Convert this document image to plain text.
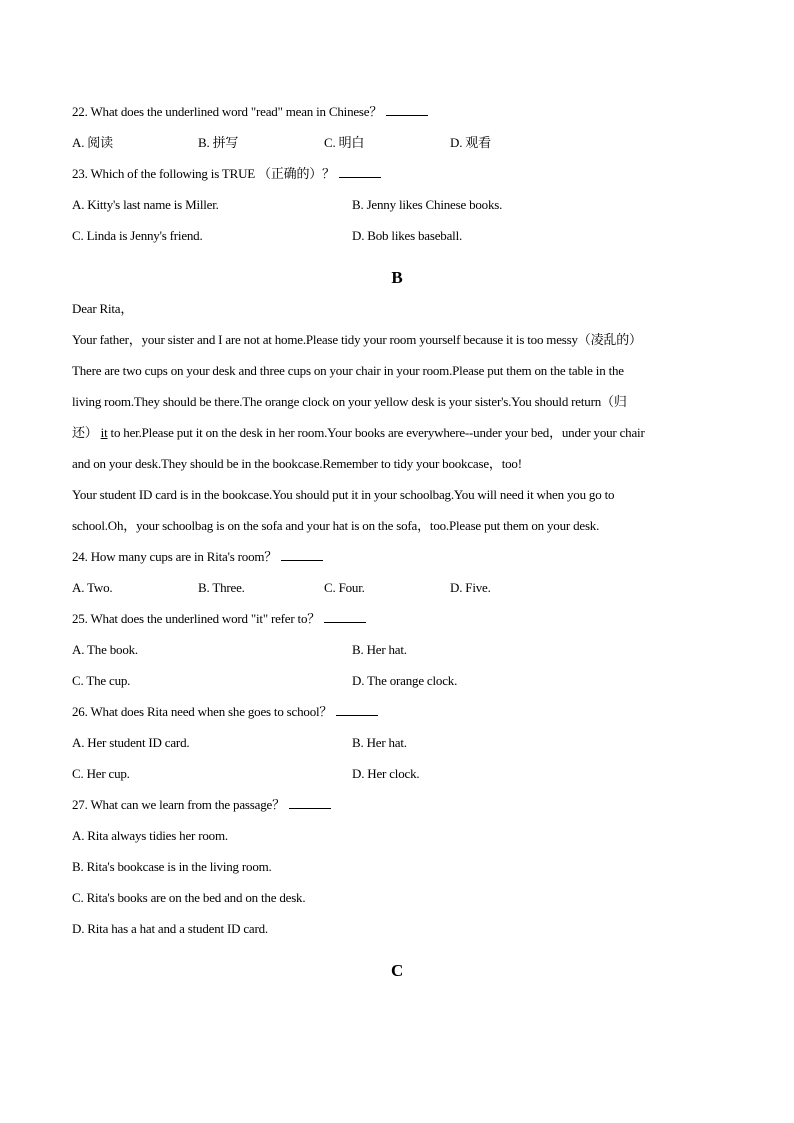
22. What does the underlined word "read" mean in Chinese？
A. 阅读	B. 拼写	C. 明白	D. 观看
23. Which of the following is TRUE （正确的）？
A. Kitty's last name is Miller.	B. Jenny likes Chinese books.
C. Linda is Jenny's friend.	D. Bob likes baseball.
B
Dear Rita，
Your father，your sister and I are not at home.Please tidy your room yourself because it is too messy（凌乱的）
There are two cups on your desk and three cups on your chair in your room.Please put them on the table in the
living room.They should be there.The orange clock on your yellow desk is your sister's.You should return（归
还） it to her.Please put it on the desk in her room.Your books are everywhere--under your bed，under your chair
and on your desk.They should be in the bookcase.Remember to tidy your bookcase，too!
Your student ID card is in the bookcase.You should put it in your schoolbag.You will need it when you go to
school.Oh，your schoolbag is on the sofa and your hat is on the sofa，too.Please put them on your desk.
24. How many cups are in Rita's room？
A. Two.	B. Three.	C. Four.	D. Five.
25. What does the underlined word "it" refer to？
A. The book.	B. Her hat.
C. The cup.	D. The orange clock.
26. What does Rita need when she goes to school？
A. Her student ID card.	B. Her hat.
C. Her cup.	D. Her clock.
27. What can we learn from the passage？
A. Rita always tidies her room.
B. Rita's bookcase is in the living room.
C. Rita's books are on the bed and on the desk.
D. Rita has a hat and a student ID card.
C
